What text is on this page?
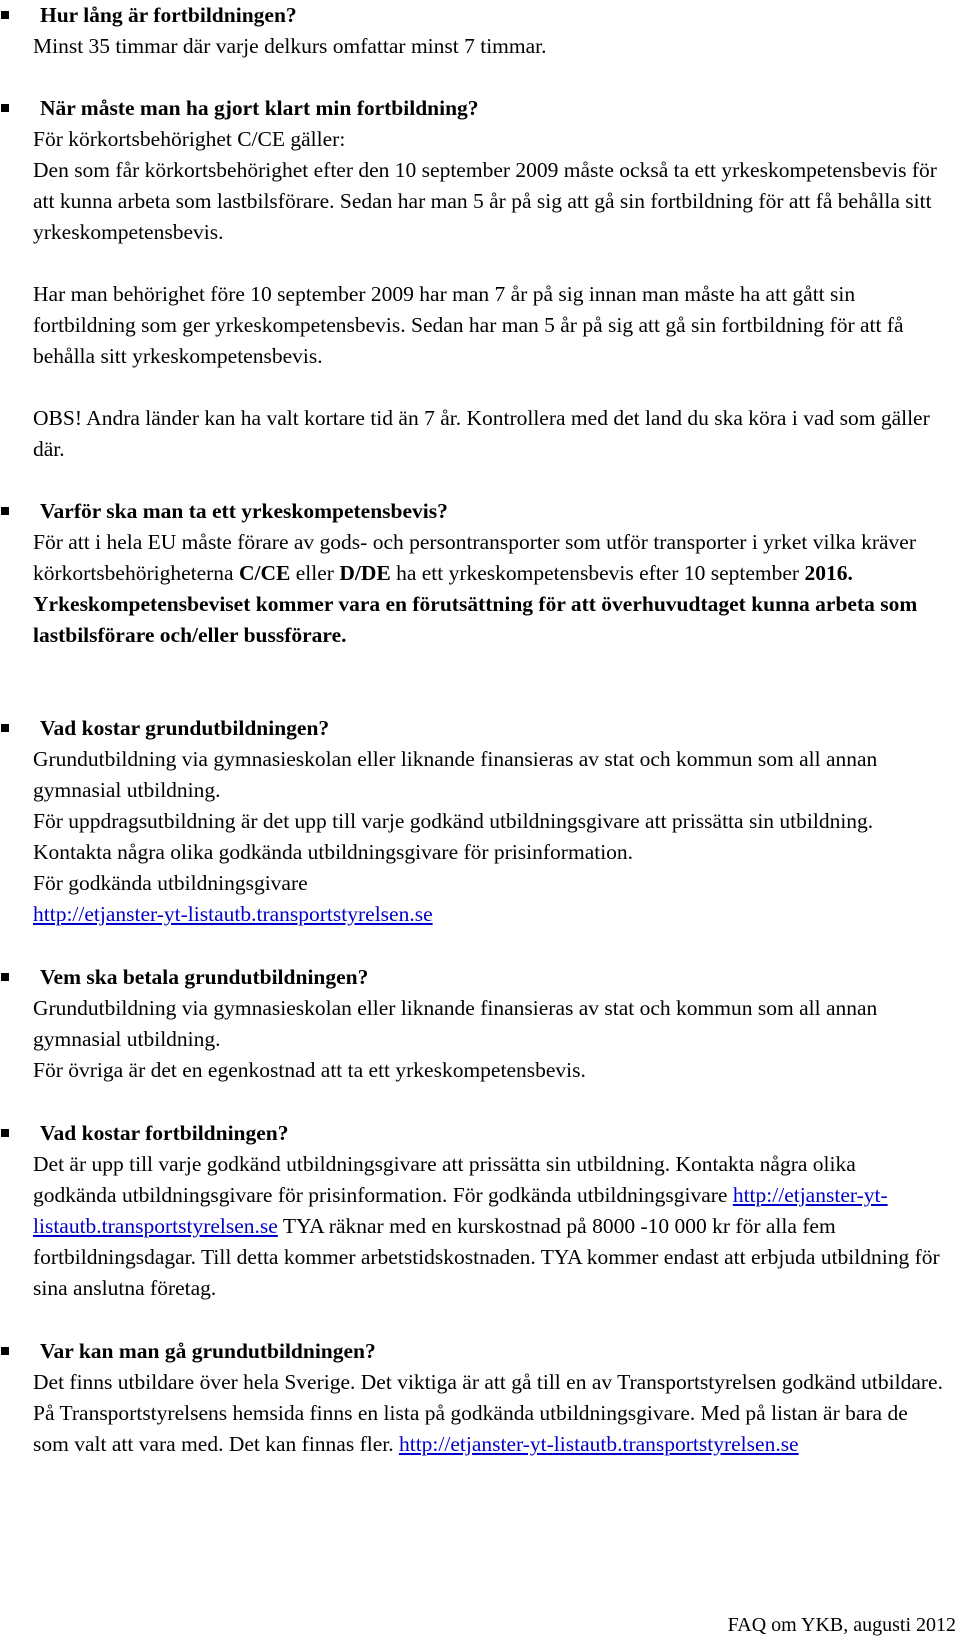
Hur lång är fortbildningen?

Minst 35 timmar där varje delkurs omfattar minst 7 timmar.

När måste man ha gjort klart min fortbildning?

För körkortsbehörighet C/CE gäller:

Den som får körkortsbehörighet efter den 10 september 2009 måste också ta ett yrkeskompetensbevis för att kunna arbeta som lastbilsförare. Sedan har man 5 år på sig att gå sin fortbildning för att få behålla sitt yrkeskompetensbevis.

Har man behörighet före 10 september 2009 har man 7 år på sig innan man måste ha att gått sin fortbildning som ger yrkeskompetensbevis. Sedan har man 5 år på sig att gå sin fortbildning för att få behålla sitt yrkeskompetensbevis.

OBS! Andra länder kan ha valt kortare tid än 7 år. Kontrollera med det land du ska köra i vad som gäller där.

Varför ska man ta ett yrkeskompetensbevis?

För att i hela EU måste förare av gods- och persontransporter som utför transporter i yrket vilka kräver körkortsbehörigheterna C/CE eller D/DE ha ett yrkeskompetensbevis efter 10 september 2016. Yrkeskompetensbeviset kommer vara en förutsättning för att överhuvudtaget kunna arbeta som lastbilsförare och/eller bussförare.

Vad kostar grundutbildningen?

Grundutbildning via gymnasieskolan eller liknande finansieras av stat och kommun som all annan gymnasial utbildning.

För uppdragsutbildning är det upp till varje godkänd utbildningsgivare att prissätta sin utbildning. Kontakta några olika godkända utbildningsgivare för prisinformation.

För godkända utbildningsgivare

http://etjanster-yt-listautb.transportstyrelsen.se

Vem ska betala grundutbildningen?

Grundutbildning via gymnasieskolan eller liknande finansieras av stat och kommun som all annan gymnasial utbildning.

För övriga är det en egenkostnad att ta ett yrkeskompetensbevis.

Vad kostar fortbildningen?

Det är upp till varje godkänd utbildningsgivare att prissätta sin utbildning. Kontakta några olika godkända utbildningsgivare för prisinformation. För godkända utbildningsgivare http://etjanster-yt-listautb.transportstyrelsen.se TYA räknar med en kurskostnad på 8000 -10 000 kr för alla fem fortbildningsdagar. Till detta kommer arbetstidskostnaden. TYA kommer endast att erbjuda utbildning för sina anslutna företag.

Var kan man gå grundutbildningen?

Det finns utbildare över hela Sverige. Det viktiga är att gå till en av Transportstyrelsen godkänd utbildare. På Transportstyrelsens hemsida finns en lista på godkända utbildningsgivare. Med på listan är bara de som valt att vara med. Det kan finnas fler. http://etjanster-yt-listautb.transportstyrelsen.se

FAQ om YKB, augusti 2012
